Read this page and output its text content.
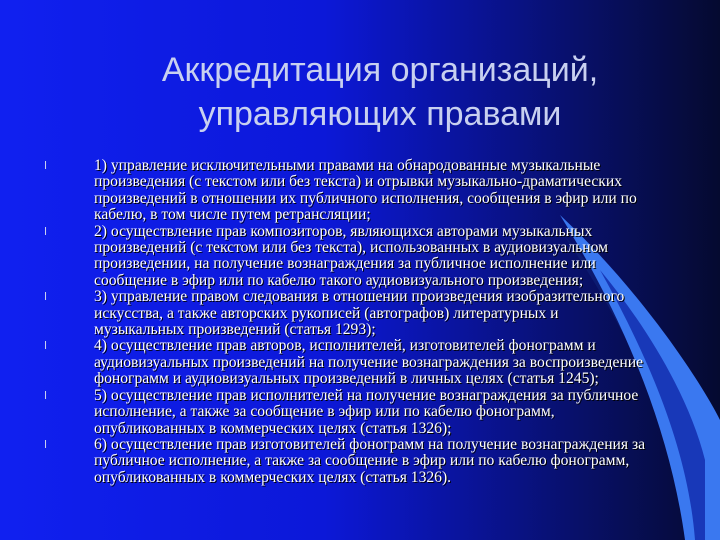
Аккредитация организаций,
управляющих правами
l	1) управление исключительными правами на обнародованные музыкальные произведения (с текстом или без текста) и отрывки музыкально-драматических произведений в отношении их публичного исполнения, сообщения в эфир или по кабелю, в том числе путем ретрансляции;
l	2) осуществление прав композиторов, являющихся авторами музыкальных произведений (с текстом или без текста), использованных в аудиовизуальном произведении, на получение вознаграждения за публичное исполнение или сообщение в эфир или по кабелю такого аудиовизуального произведения;
l	3) управление правом следования в отношении произведения изобразительного искусства, а также авторских рукописей (автографов) литературных и музыкальных произведений (статья 1293);
l	4) осуществление прав авторов, исполнителей, изготовителей фонограмм и аудиовизуальных произведений на получение вознаграждения за воспроизведение фонограмм и аудиовизуальных произведений в личных целях (статья 1245);
l	5) осуществление прав исполнителей на получение вознаграждения за публичное исполнение, а также за сообщение в эфир или по кабелю фонограмм, опубликованных в коммерческих целях (статья 1326);
l	6) осуществление прав изготовителей фонограмм на получение вознаграждения за публичное исполнение, а также за сообщение в эфир или по кабелю фонограмм, опубликованных в коммерческих целях (статья 1326).
